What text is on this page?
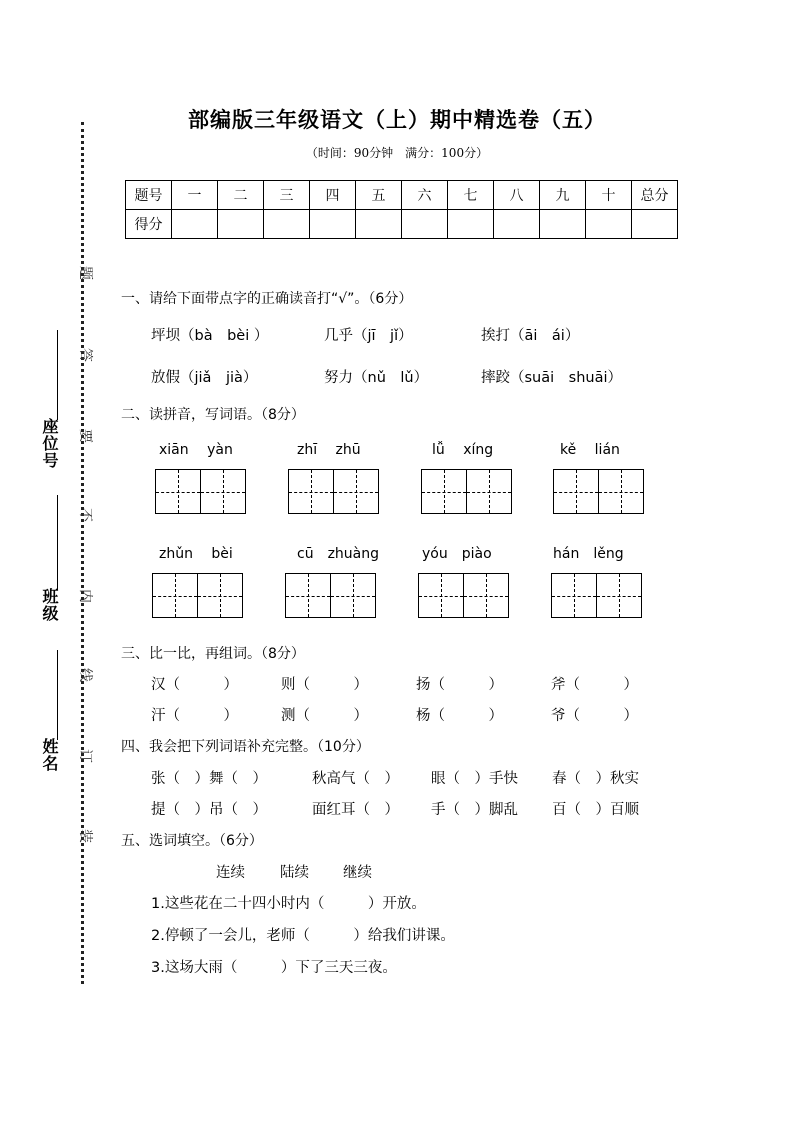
座位号
班级
姓名
题
答
要
不
内
线
订
装
部编版三年级语文（上）期中精选卷（五）
（时间：90分钟　满分：100分）
题号	一	二	三	四	五	六	七	八	九	十	总分
得分											
一、请给下面带点字的正确读音打“√”。（6分）
坪坝（bà　bèi ）	几乎（jī　jǐ）	挨打（āi　ái）
放假（jiǎ　jià）	努力（nǔ　lǔ）	摔跤（suāi　shuāi）
二、读拼音，写词语。（8分）
xiān　 yàn	zhī　 zhū	lǚ　 xíng	kě　 lián
zhǔn　 bèi	cū　zhuàng	yóu　piào	hán　lěng
三、比一比，再组词。（8分）
汉（　　　）	则（　　　）	扬（　　　）	斧（　　　）
汗（　　　）	测（　　　）	杨（　　　）	爷（　　　）
四、我会把下列词语补充完整。（10分）
张（　）舞（　）	秋高气（　） 眼（　）手快 春（　）秋实
提（　）吊（　）	面红耳（　） 手（　）脚乱 百（　）百顺
五、选词填空。（6分）
连续 陆续 继续
1.这些花在二十四小时内（　　　）开放。
2.停顿了一会儿，老师（　　　）给我们讲课。
3.这场大雨（　　　）下了三天三夜。
